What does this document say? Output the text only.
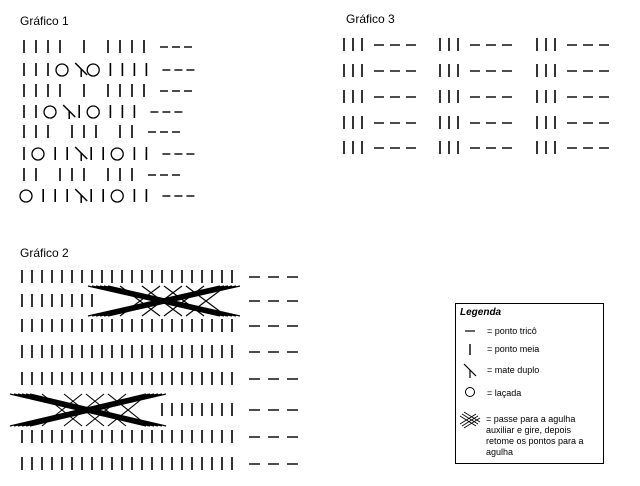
Gráfico 1	Gráfico 3
Gráfico 2
Legenda
= ponto tricô
= ponto meia
= mate duplo
= laçada
= passe para a agulha auxiliar e gire, depois retome os pontos para a agulha
